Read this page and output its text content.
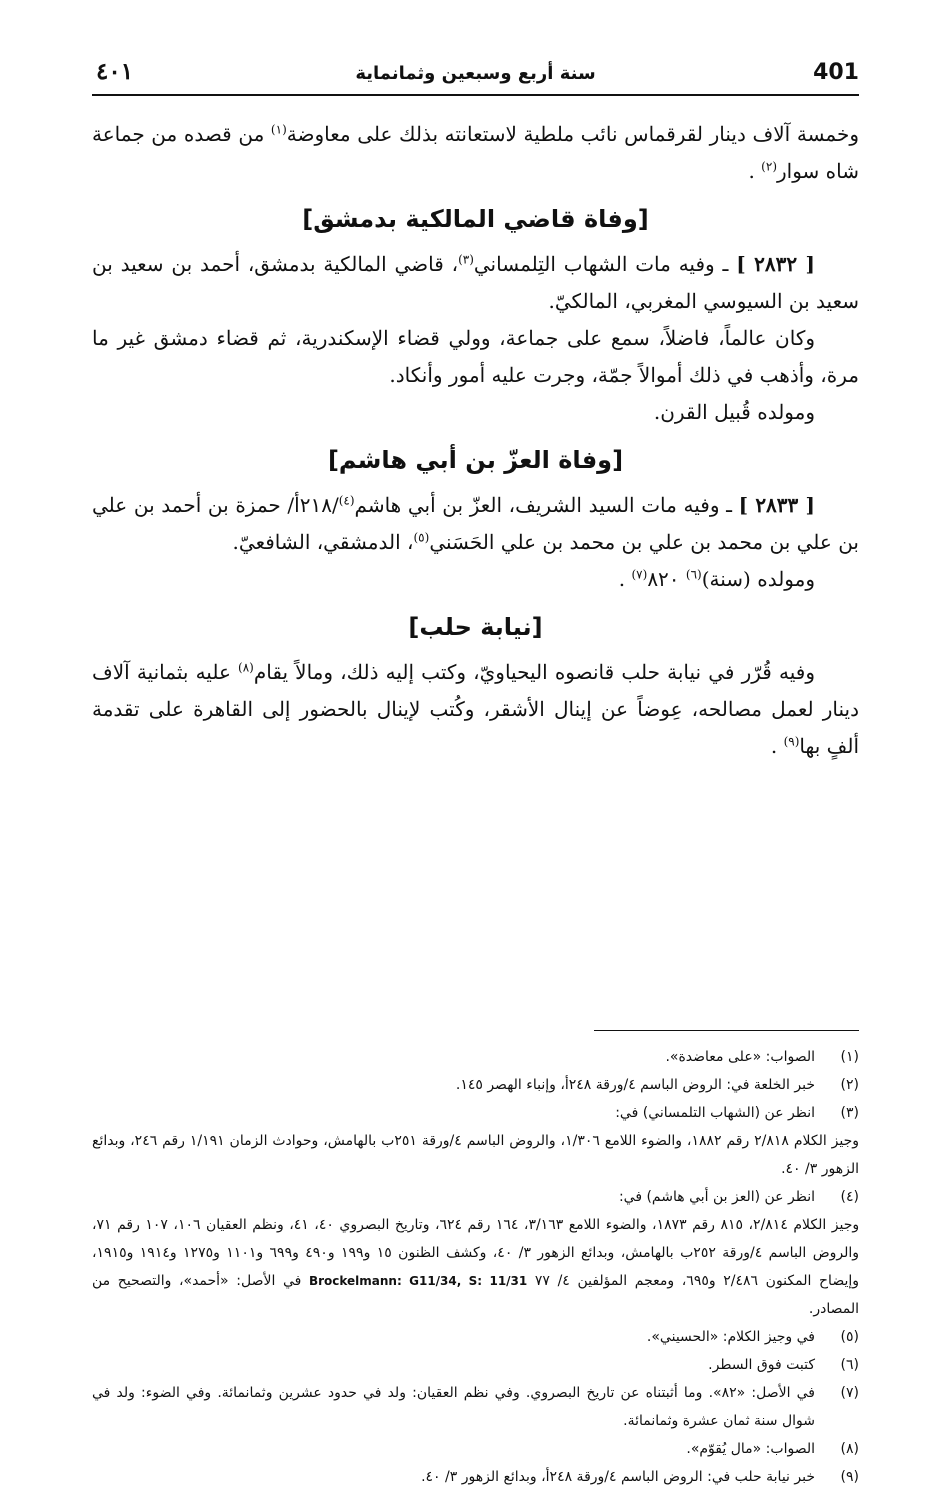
401
سنة أربع وسبعين وثمانماية
٤٠١

وخمسة آلاف دينار لقرقماس نائب ملطية لاستعانته بذلك على معاوضة$^{(١)}$ من قصده من جماعة شاه سوار$^{(٢)}$ .

[وفاة قاضي المالكية بدمشق]

[ ٢٨٣٢ ] ـ وفيه مات الشهاب التِلمساني$^{(٣)}$، قاضي المالكية بدمشق، أحمد بن سعيد بن سعيد بن السيوسي المغربي، المالكيّ.

وكان عالماً، فاضلاً، سمع على جماعة، وولي قضاء الإسكندرية، ثم قضاء دمشق غير ما مرة، وأذهب في ذلك أموالاً جمّة، وجرت عليه أمور وأنكاد.

ومولده قُبيل القرن.

[وفاة العزّ بن أبي هاشم]

[ ٢٨٣٣ ] ـ وفيه مات السيد الشريف، العزّ بن أبي هاشم$^{(٤)}$/٢١٨أ/ حمزة بن أحمد بن علي بن علي بن محمد بن علي بن محمد بن علي الحَسَني$^{(٥)}$، الدمشقي، الشافعيّ.

ومولده (سنة)$^{(٦)}$ ٨٢٠$^{(٧)}$ .

[نيابة حلب]

وفيه قُرّر في نيابة حلب قانصوه اليحياويّ، وكتب إليه ذلك، ومالاً يقام$^{(٨)}$ عليه بثمانية آلاف دينار لعمل مصالحه، عِوضاً عن إينال الأشقر، وكُتب لإينال بالحضور إلى القاهرة على تقدمة ألفٍ بها$^{(٩)}$ .

(١)
الصواب: «على معاضدة».
(٢)
خبر الخلعة في: الروض الباسم ٤/ورقة ٢٤٨أ، وإنباء الهصر ١٤٥.
(٣)
انظر عن (الشهاب التلمساني) في:
وجيز الكلام ٢/٨١٨ رقم ١٨٨٢، والضوء اللامع ١/٣٠٦، والروض الباسم ٤/ورقة ٢٥١ب بالهامش، وحوادث الزمان ١/١٩١ رقم ٢٤٦، وبدائع الزهور ٣/ ٤٠.
(٤)
انظر عن (العز بن أبي هاشم) في:
وجيز الكلام ٢/٨١٤، ٨١٥ رقم ١٨٧٣، والضوء اللامع ٣/١٦٣، ١٦٤ رقم ٦٢٤، وتاريخ البصروي ٤٠، ٤١، ونظم العقيان ١٠٦، ١٠٧ رقم ٧١، والروض الباسم ٤/ورقة ٢٥٢ب بالهامش، وبدائع الزهور ٣/ ٤٠، وكشف الظنون ١٥ و١٩٩ و٤٩٠ و٦٩٩ و١١٠١ و١٢٧٥ و١٩١٤ و١٩١٥، وإيضاح المكنون ٢/٤٨٦ و٦٩٥، ومعجم المؤلفين ٤/ ٧٧ Brockelmann: G11/34, S: 11/31 في الأصل: «أحمد»، والتصحيح من المصادر.
(٥)
في وجيز الكلام: «الحسيني».
(٦)
كتبت فوق السطر.
(٧)
في الأصل: «٨٢». وما أثبتناه عن تاريخ البصروي. وفي نظم العقيان: ولد في حدود عشرين وثمانمائة. وفي الضوء: ولد في شوال سنة ثمان عشرة وثمانمائة.
(٨)
الصواب: «مال يُقوّم».
(٩)
خبر نيابة حلب في: الروض الباسم ٤/ورقة ٢٤٨أ، وبدائع الزهور ٣/ ٤٠.
